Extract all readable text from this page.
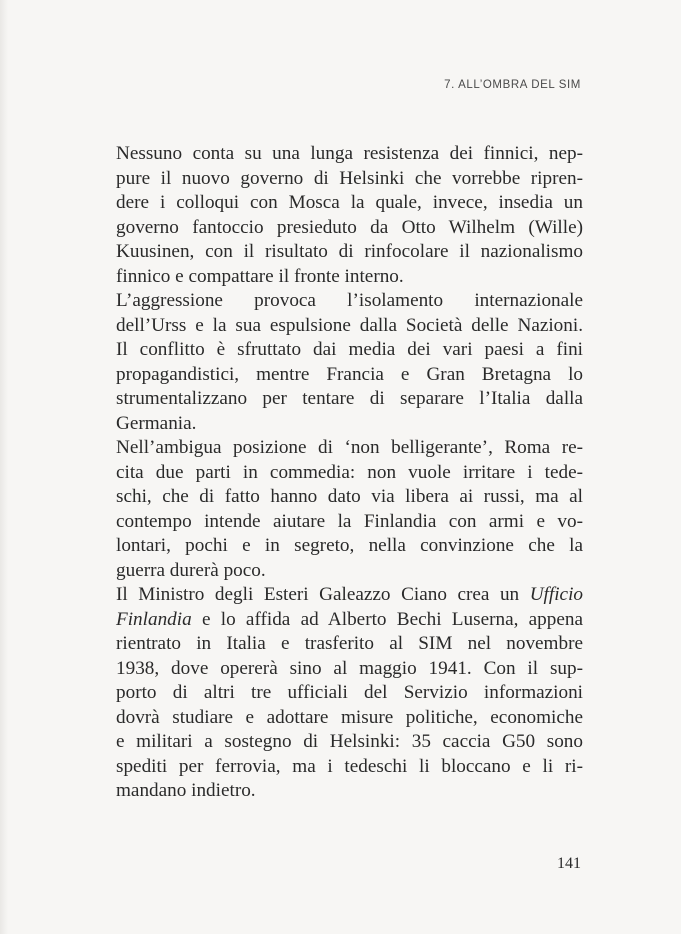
7. ALL’OMBRA DEL SIM
Nessuno conta su una lunga resistenza dei finnici, nep-
pure il nuovo governo di Helsinki che vorrebbe ripren-
dere i colloqui con Mosca la quale, invece, insedia un
governo fantoccio presieduto da Otto Wilhelm (Wille)
Kuusinen, con il risultato di rinfocolare il nazionalismo
finnico e compattare il fronte interno.
L’aggressione provoca l’isolamento internazionale
dell’Urss e la sua espulsione dalla Società delle Nazioni.
Il conflitto è sfruttato dai media dei vari paesi a fini
propagandistici, mentre Francia e Gran Bretagna lo
strumentalizzano per tentare di separare l’Italia dalla
Germania.
Nell’ambigua posizione di ‘non belligerante’, Roma re-
cita due parti in commedia: non vuole irritare i tede-
schi, che di fatto hanno dato via libera ai russi, ma al
contempo intende aiutare la Finlandia con armi e vo-
lontari, pochi e in segreto, nella convinzione che la
guerra durerà poco.
Il Ministro degli Esteri Galeazzo Ciano crea un Ufficio
Finlandia e lo affida ad Alberto Bechi Luserna, appena
rientrato in Italia e trasferito al SIM nel novembre
1938, dove opererà sino al maggio 1941. Con il sup-
porto di altri tre ufficiali del Servizio informazioni
dovrà studiare e adottare misure politiche, economiche
e militari a sostegno di Helsinki: 35 caccia G50 sono
spediti per ferrovia, ma i tedeschi li bloccano e li ri-
mandano indietro.
141
